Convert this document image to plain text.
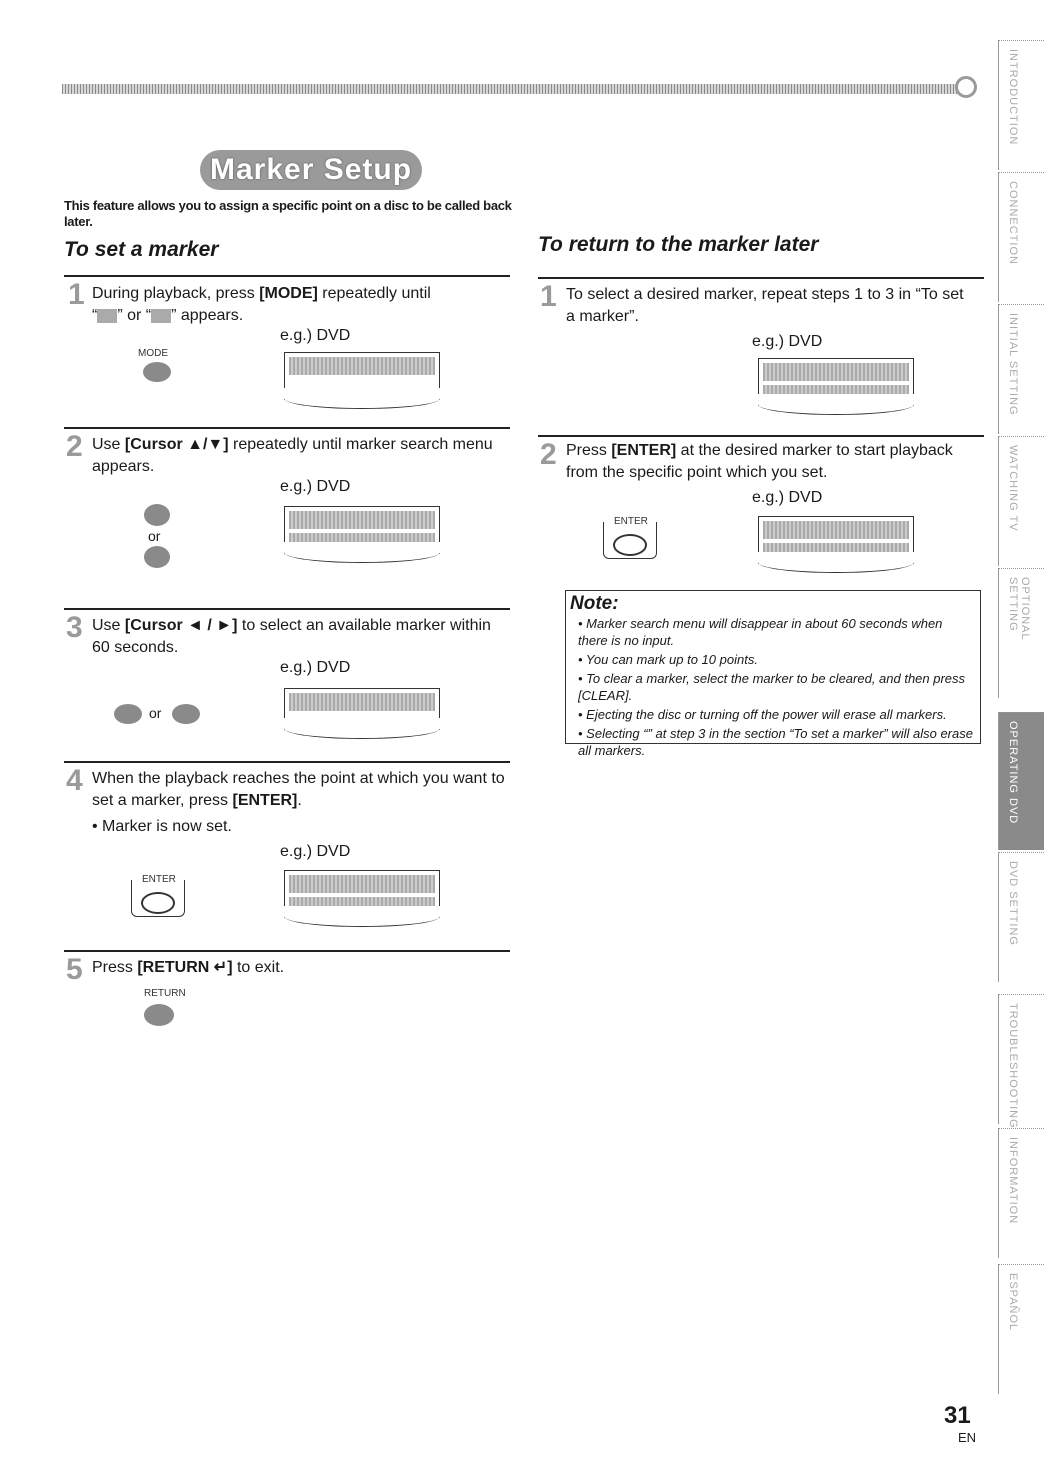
Marker Setup
This feature allows you to assign a specific point on a disc to be called back later.
To set a marker
1 During playback, press [MODE] repeatedly until
“ ” or “ ” appears.
e.g.) DVD
MODE
2 Use [Cursor ▲/▼] repeatedly until marker search menu appears.
e.g.) DVD
or
3 Use [Cursor ◄ / ►] to select an available marker within 60 seconds.
e.g.) DVD
or
4 When the playback reaches the point at which you want to set a marker, press [ENTER].
• Marker is now set.
e.g.) DVD
ENTER
5 Press [RETURN ↵] to exit.
RETURN
To return to the marker later
1 To select a desired marker, repeat steps 1 to 3 in “To set a marker”.
e.g.) DVD
2 Press [ENTER] at the desired marker to start playback from the specific point which you set.
e.g.) DVD
ENTER
Note:
• Marker search menu will disappear in about 60 seconds when there is no input.
• You can mark up to 10 points.
• To clear a marker, select the marker to be cleared, and then press [CLEAR].
• Ejecting the disc or turning off the power will erase all markers.
• Selecting “” at step 3 in the section “To set a marker” will also erase all markers.
INTRODUCTION
CONNECTION
INITIAL SETTING
WATCHING TV
OPTIONAL SETTING
OPERATING DVD
DVD SETTING
TROUBLESHOOTING
INFORMATION
ESPAÑOL
31
EN
